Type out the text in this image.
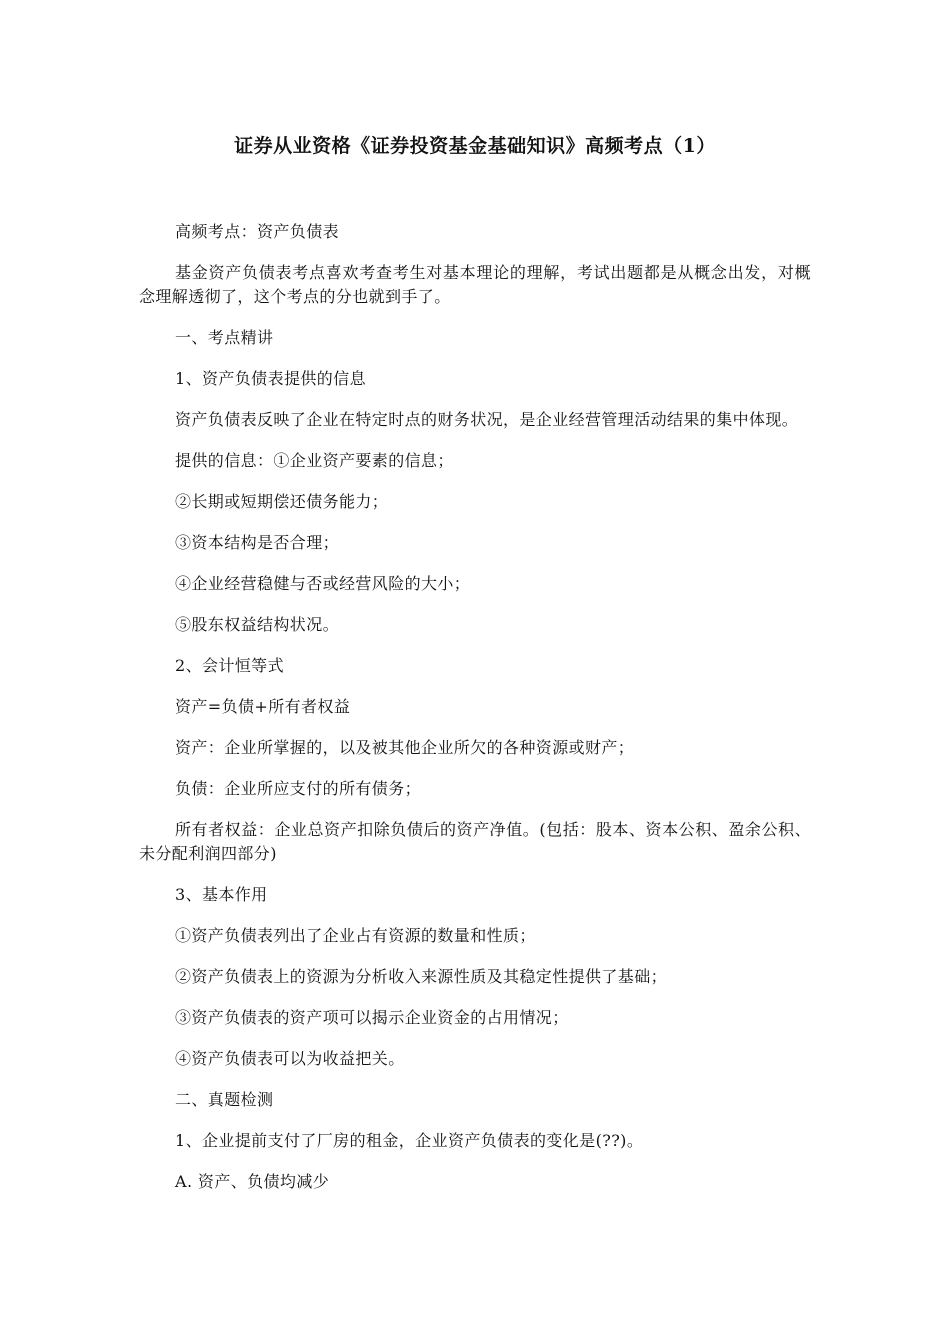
证券从业资格《证券投资基金基础知识》高频考点（1）

高频考点：资产负债表

基金资产负债表考点喜欢考查考生对基本理论的理解，考试出题都是从概念出发，对概念理解透彻了，这个考点的分也就到手了。

一、考点精讲

1、资产负债表提供的信息

资产负债表反映了企业在特定时点的财务状况，是企业经营管理活动结果的集中体现。

提供的信息：①企业资产要素的信息；

②长期或短期偿还债务能力；

③资本结构是否合理；

④企业经营稳健与否或经营风险的大小；

⑤股东权益结构状况。

2、会计恒等式

资产=负债+所有者权益

资产：企业所掌握的，以及被其他企业所欠的各种资源或财产；

负债：企业所应支付的所有债务；

所有者权益：企业总资产扣除负债后的资产净值。(包括：股本、资本公积、盈余公积、未分配利润四部分)

3、基本作用

①资产负债表列出了企业占有资源的数量和性质；

②资产负债表上的资源为分析收入来源性质及其稳定性提供了基础；

③资产负债表的资产项可以揭示企业资金的占用情况；

④资产负债表可以为收益把关。

二、真题检测

1、企业提前支付了厂房的租金，企业资产负债表的变化是(??)。

A. 资产、负债均减少
